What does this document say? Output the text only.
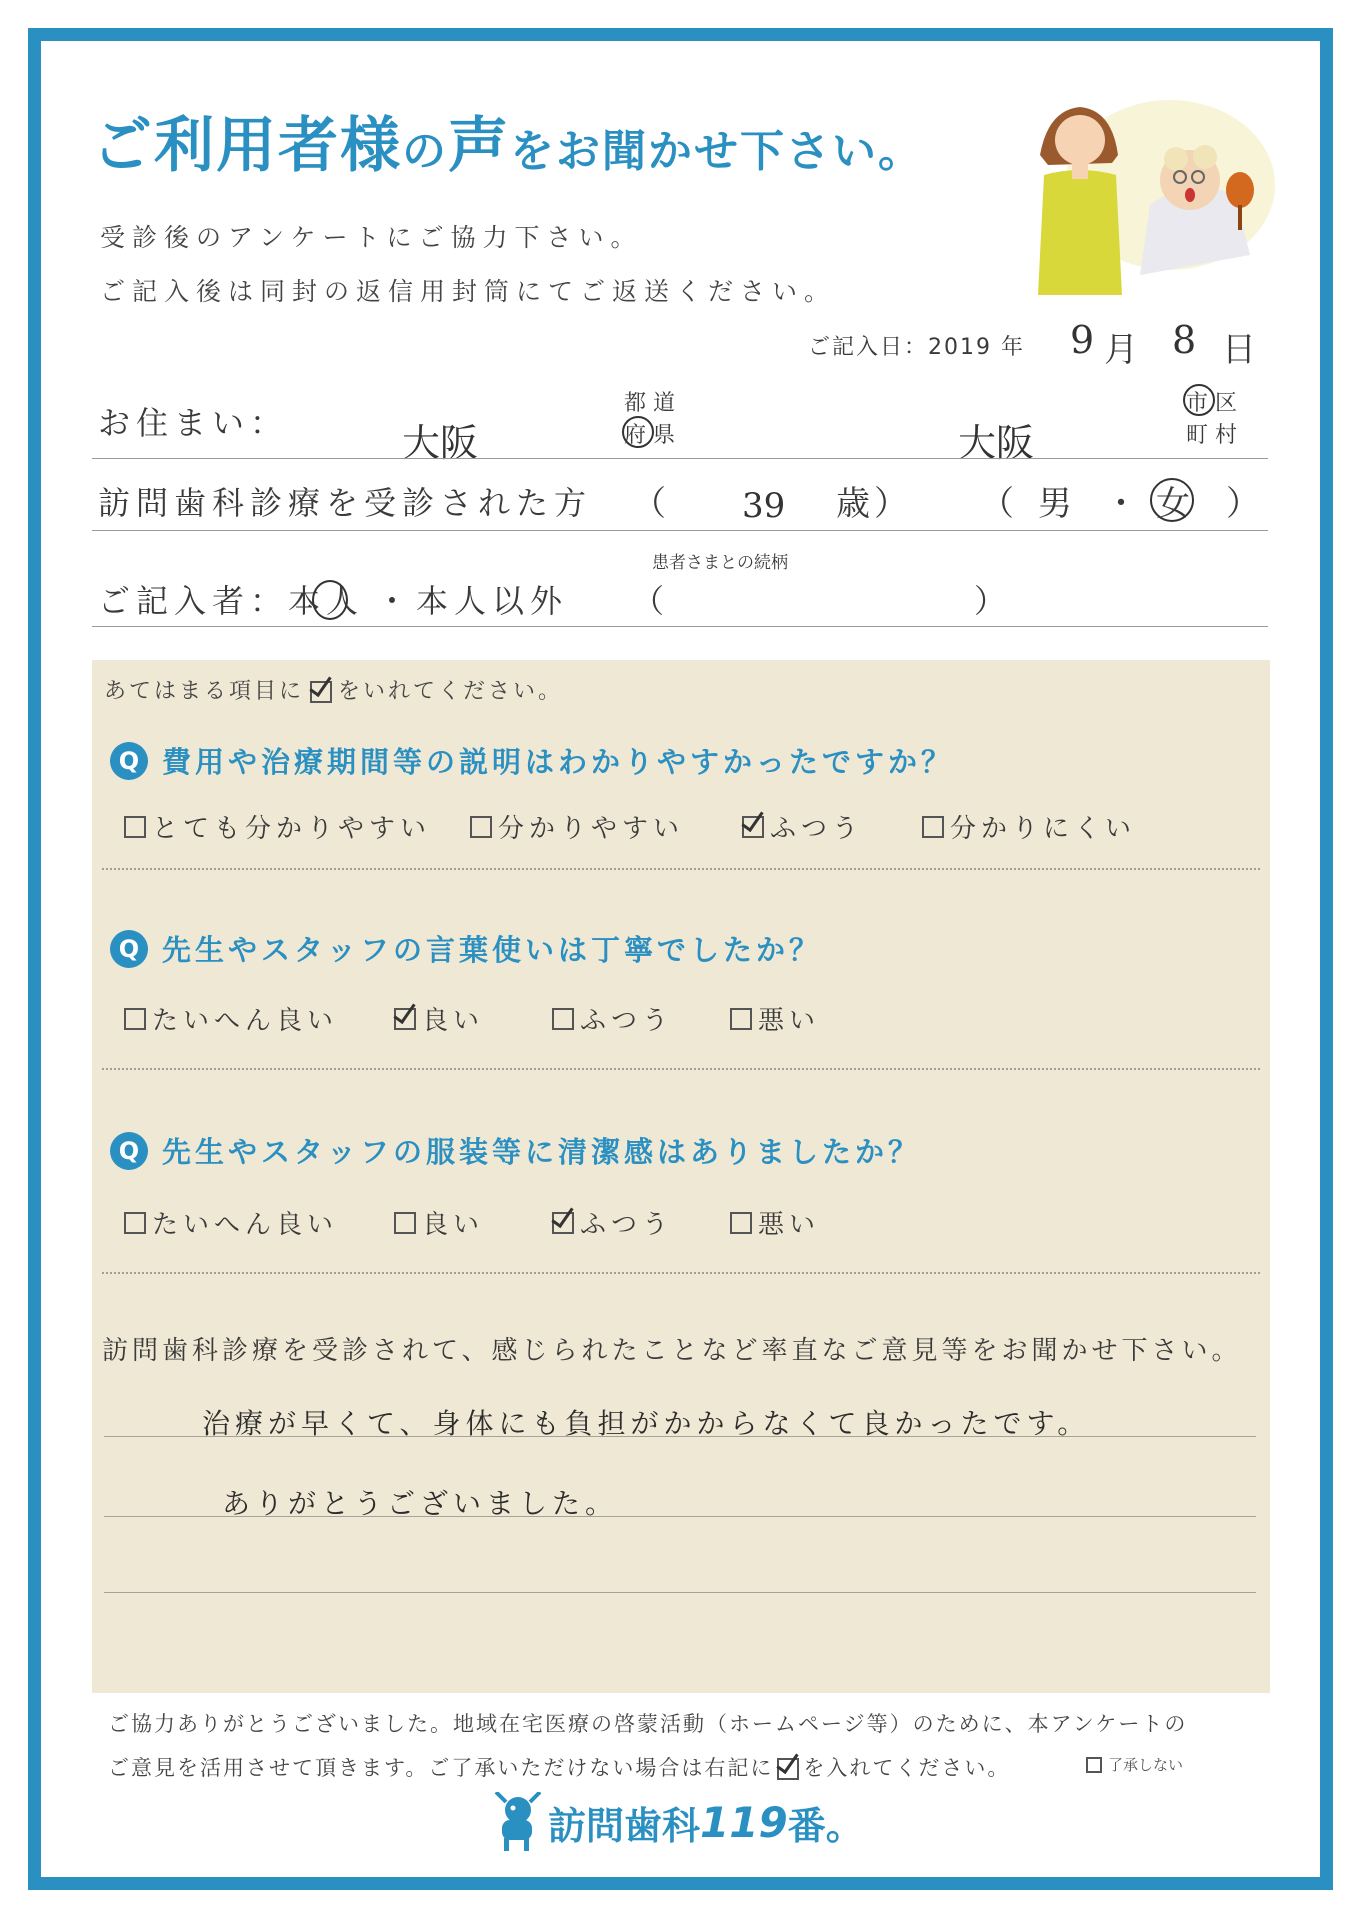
ご利用者様の声をお聞かせ下さい。
受診後のアンケートにご協力下さい。
ご記入後は同封の返信用封筒にてご返送ください。
ご記入日：2019 年 9 月 8 日
お住まい：	大阪
都 道
府 県	大阪
市 区
町 村
訪問歯科診療を受診された方 （ 39 歳） （ 男 ・ 女 ）
患者さまとの続柄
ご記入者： 本人 ・ 本人以外 （	）
あてはまる項目に をいれてください。
Q 費用や治療期間等の説明はわかりやすかったですか？
とても分かりやすい	分かりやすい	ふつう	分かりにくい
Q 先生やスタッフの言葉使いは丁寧でしたか？
たいへん良い	良い	ふつう	悪い
Q 先生やスタッフの服装等に清潔感はありましたか？
たいへん良い	良い	ふつう	悪い
訪問歯科診療を受診されて、感じられたことなど率直なご意見等をお聞かせ下さい。
治療が早くて、身体にも負担がかからなくて良かったです。
ありがとうございました。
ご協力ありがとうございました。地域在宅医療の啓蒙活動（ホームページ等）のために、本アンケートの
ご意見を活用させて頂きます。ご了承いただけない場合は右記に を入れてください。	了承しない
訪問歯科 119 番。
